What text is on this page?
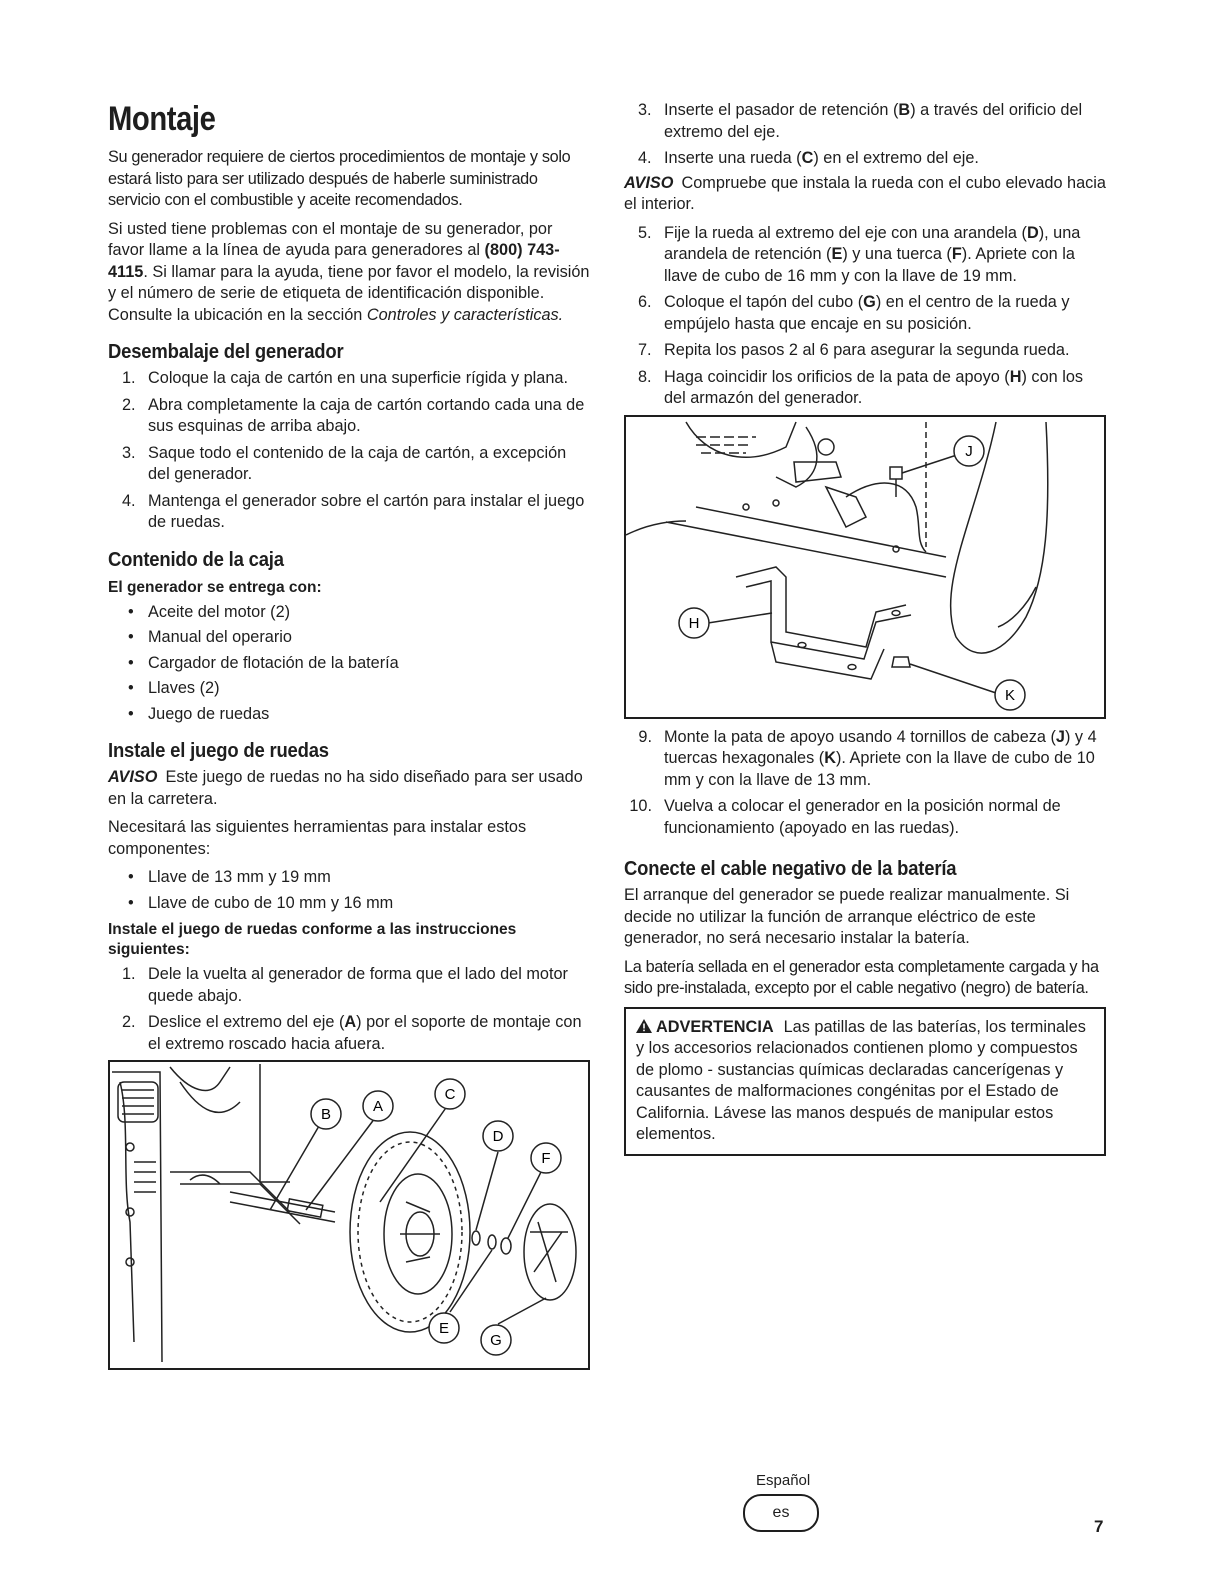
Montaje

Su generador requiere de ciertos procedimientos de montaje y solo estará listo para ser utilizado después de haberle suministrado servicio con el combustible y aceite recomendados.

Si usted tiene problemas con el montaje de su generador, por favor llame a la línea de ayuda para generadores al (800) 743-4115. Si llamar para la ayuda, tiene por favor el modelo, la revisión y el número de serie de etiqueta de identificación disponible. Consulte la ubicación en la sección Controles y características.

Desembalaje del generador
1. Coloque la caja de cartón en una superficie rígida y plana.
2. Abra completamente la caja de cartón cortando cada una de sus esquinas de arriba abajo.
3. Saque todo el contenido de la caja de cartón, a excepción del generador.
4. Mantenga el generador sobre el cartón para instalar el juego de ruedas.
Contenido de la caja
El generador se entrega con:
• Aceite del motor (2)
• Manual del operario
• Cargador de flotación de la batería
• Llaves (2)
• Juego de ruedas
Instale el juego de ruedas

AVISO Este juego de ruedas no ha sido diseñado para ser usado en la carretera.

Necesitará las siguientes herramientas para instalar estos componentes:

• Llave de 13 mm y 19 mm
• Llave de cubo de 10 mm y 16 mm
Instale el juego de ruedas conforme a las instrucciones siguientes:
1. Dele la vuelta al generador de forma que el lado del motor quede abajo.
2. Deslice el extremo del eje (A) por el soporte de montaje con el extremo roscado hacia afuera.
B	A
C
D
F
E
G
3. Inserte el pasador de retención (B) a través del orificio del extremo del eje.
4. Inserte una rueda (C) en el extremo del eje.

AVISO Compruebe que instala la rueda con el cubo elevado hacia el interior.

5. Fije la rueda al extremo del eje con una arandela (D), una arandela de retención (E) y una tuerca (F). Apriete con la llave de cubo de 16 mm y con la llave de 19 mm.
6. Coloque el tapón del cubo (G) en el centro de la rueda y empújelo hasta que encaje en su posición.
7. Repita los pasos 2 al 6 para asegurar la segunda rueda.
8. Haga coincidir los orificios de la pata de apoyo (H) con los del armazón del generador.
J
H
K
9. Monte la pata de apoyo usando 4 tornillos de cabeza (J) y 4 tuercas hexagonales (K). Apriete con la llave de cubo de 10 mm y con la llave de 13 mm.
10. Vuelva a colocar el generador en la posición normal de funcionamiento (apoyado en las ruedas).
Conecte el cable negativo de la batería

El arranque del generador se puede realizar manualmente. Si decide no utilizar la función de arranque eléctrico de este generador, no será necesario instalar la batería.

La batería sellada en el generador esta completamente cargada y ha sido pre-instalada, excepto por el cable negativo (negro) de batería.

ADVERTENCIA Las patillas de las baterías, los terminales y los accesorios relacionados contienen plomo y compuestos de plomo - sustancias químicas declaradas cancerígenas y causantes de malformaciones congénitas por el Estado de California. Lávese las manos después de manipular estos elementos.

Español
es
7
